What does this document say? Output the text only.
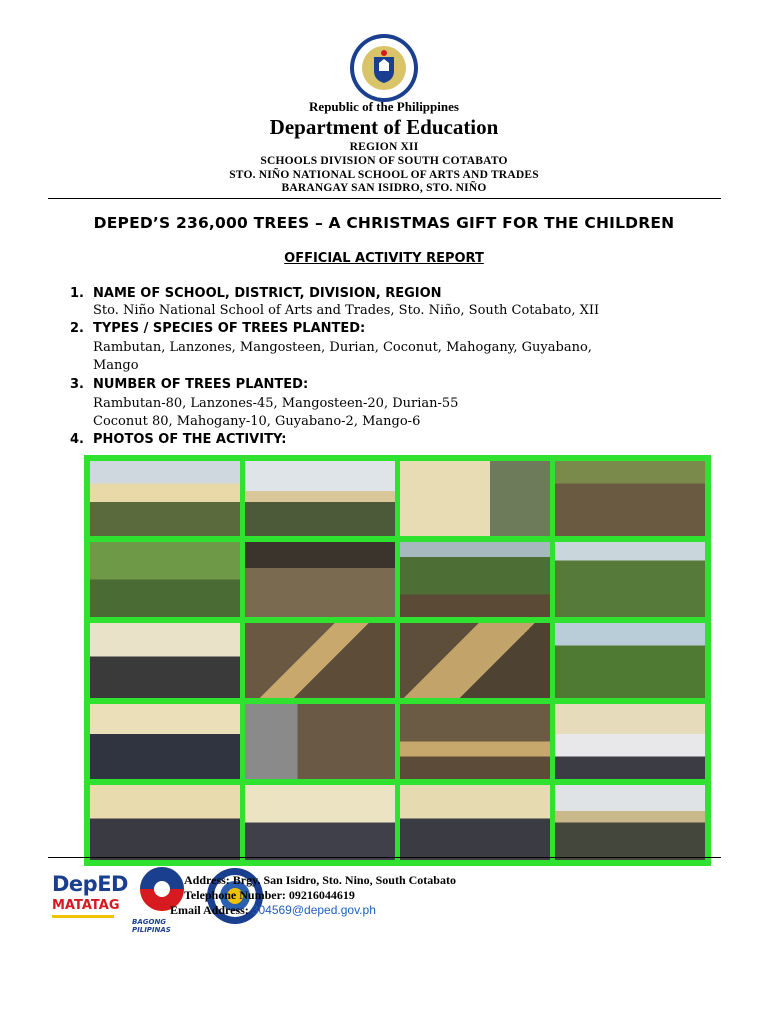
Republic of the Philippines
Department of Education
REGION XII
SCHOOLS DIVISION OF SOUTH COTABATO
STO. NIÑO NATIONAL SCHOOL OF ARTS AND TRADES
BARANGAY SAN ISIDRO, STO. NIÑO
DEPED’S 236,000 TREES – A CHRISTMAS GIFT FOR THE CHILDREN
OFFICIAL ACTIVITY REPORT
1. NAME OF SCHOOL, DISTRICT, DIVISION, REGION
Sto. Niño National School of Arts and Trades, Sto. Niño, South Cotabato, XII
2. TYPES / SPECIES OF TREES PLANTED:
Rambutan, Lanzones, Mangosteen, Durian, Coconut, Mahogany, Guyabano,
Mango
3. NUMBER OF TREES PLANTED:
Rambutan-80, Lanzones-45, Mangosteen-20, Durian-55
Coconut 80, Mahogany-10, Guyabano-2, Mango-6
4. PHOTOS OF THE ACTIVITY:
DepED
MATATAG
BAGONG PILIPINAS
Address: Brgy. San Isidro, Sto. Nino, South Cotabato
Telephone Number: 09216044619
Email Address: 304569@deped.gov.ph
